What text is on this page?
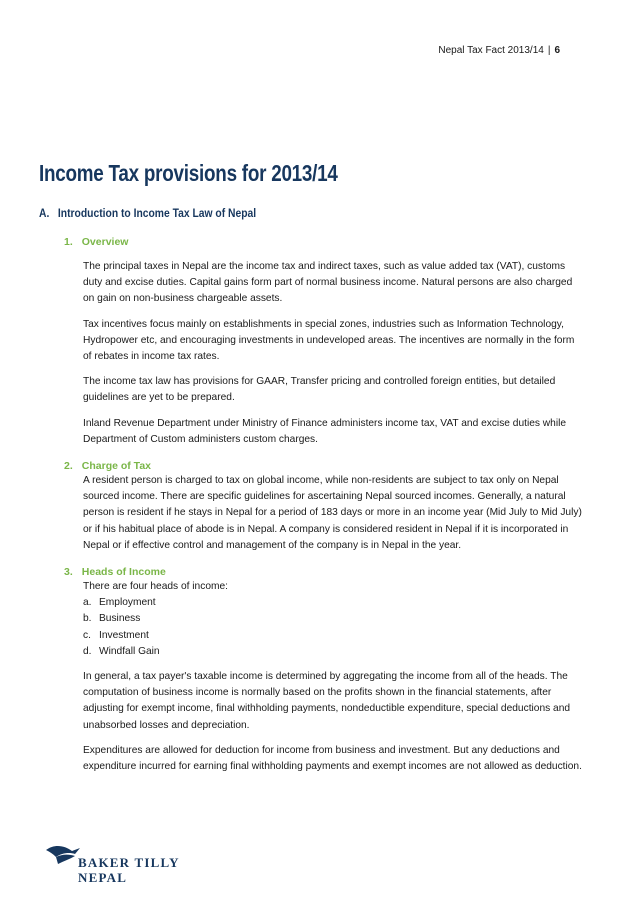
Nepal Tax Fact 2013/14 | 6
Income Tax provisions for 2013/14
A. Introduction to Income Tax Law of Nepal
1. Overview

The principal taxes in Nepal are the income tax and indirect taxes, such as value added tax (VAT), customs duty and excise duties. Capital gains form part of normal business income. Natural persons are also charged on gain on non-business chargeable assets.

Tax incentives focus mainly on establishments in special zones, industries such as Information Technology, Hydropower etc, and encouraging investments in undeveloped areas. The incentives are normally in the form of rebates in income tax rates.

The income tax law has provisions for GAAR, Transfer pricing and controlled foreign entities, but detailed guidelines are yet to be prepared.

Inland Revenue Department under Ministry of Finance administers income tax, VAT and excise duties while Department of Custom administers custom charges.

2. Charge of Tax

A resident person is charged to tax on global income, while non-residents are subject to tax only on Nepal sourced income. There are specific guidelines for ascertaining Nepal sourced incomes. Generally, a natural person is resident if he stays in Nepal for a period of 183 days or more in an income year (Mid July to Mid July) or if his habitual place of abode is in Nepal. A company is considered resident in Nepal if it is incorporated in Nepal or if effective control and management of the company is in Nepal in the year.

3. Heads of Income

There are four heads of income:

a. Employment
b. Business
c. Investment
d. Windfall Gain

In general, a tax payer's taxable income is determined by aggregating the income from all of the heads. The computation of business income is normally based on the profits shown in the financial statements, after adjusting for exempt income, final withholding payments, nondeductible expenditure, special deductions and unabsorbed losses and depreciation.

Expenditures are allowed for deduction for income from business and investment. But any deductions and expenditure incurred for earning final withholding payments and exempt incomes are not allowed as deduction.

BAKER TILLY
NEPAL
